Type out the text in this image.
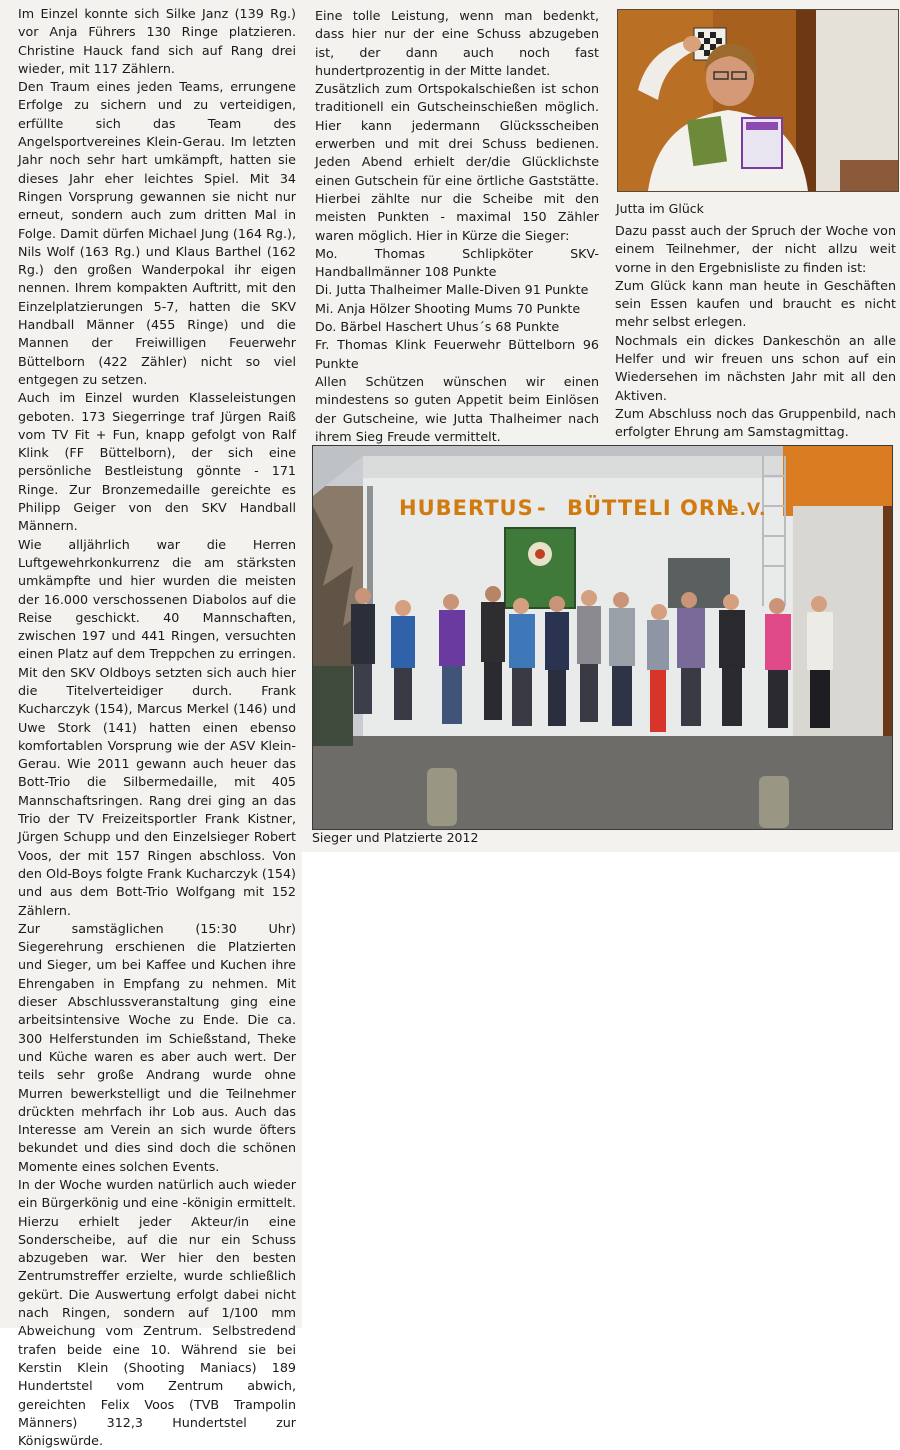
Im Einzel konnte sich Silke Janz (139 Rg.) vor Anja Führers 130 Ringe platzieren. Christine Hauck fand sich auf Rang drei wieder, mit 117 Zählern.

Den Traum eines jeden Teams, errungene Erfolge zu sichern und zu verteidigen, erfüllte sich das Team des Angelsportvereines Klein-Gerau. Im letzten Jahr noch sehr hart umkämpft, hatten sie dieses Jahr eher leichtes Spiel. Mit 34 Ringen Vorsprung gewannen sie nicht nur erneut, sondern auch zum dritten Mal in Folge. Damit dürfen Michael Jung (164 Rg.), Nils Wolf (163 Rg.) und Klaus Barthel (162 Rg.) den großen Wanderpokal ihr eigen nennen. Ihrem kompakten Auftritt, mit den Einzelplatzierungen 5-7, hatten die SKV Handball Männer (455 Ringe) und die Mannen der Freiwilligen Feuerwehr Büttelborn (422 Zähler) nicht so viel entgegen zu setzen.

Auch im Einzel wurden Klasseleistungen geboten. 173 Siegerringe traf Jürgen Raiß vom TV Fit + Fun, knapp gefolgt von Ralf Klink (FF Büttelborn), der sich eine persönliche Bestleistung gönnte - 171 Ringe. Zur Bronzemedaille gereichte es Philipp Geiger von den SKV Handball Männern.

Wie alljährlich war die Herren Luftgewehrkonkurrenz die am stärksten umkämpfte und hier wurden die meisten der 16.000 verschossenen Diabolos auf die Reise geschickt. 40 Mannschaften, zwischen 197 und 441 Ringen, versuchten einen Platz auf dem Treppchen zu erringen. Mit den SKV Oldboys setzten sich auch hier die Titelverteidiger durch. Frank Kucharczyk (154), Marcus Merkel (146) und Uwe Stork (141) hatten einen ebenso komfortablen Vorsprung wie der ASV Klein-Gerau. Wie 2011 gewann auch heuer das Bott-Trio die Silbermedaille, mit 405 Mannschaftsringen. Rang drei ging an das Trio der TV Freizeitsportler Frank Kistner, Jürgen Schupp und den Einzelsieger Robert Voos, der mit 157 Ringen abschloss. Von den Old-Boys folgte Frank Kucharczyk (154) und aus dem Bott-Trio Wolfgang mit 152 Zählern.

Zur samstäglichen (15:30 Uhr) Siegerehrung erschienen die Platzierten und Sieger, um bei Kaffee und Kuchen ihre Ehrengaben in Empfang zu nehmen. Mit dieser Abschlussveranstaltung ging eine arbeitsintensive Woche zu Ende. Die ca. 300 Helferstunden im Schießstand, Theke und Küche waren es aber auch wert. Der teils sehr große Andrang wurde ohne Murren bewerkstelligt und die Teilnehmer drückten mehrfach ihr Lob aus. Auch das Interesse am Verein an sich wurde öfters bekundet und dies sind doch die schönen Momente eines solchen Events.

In der Woche wurden natürlich auch wieder ein Bürgerkönig und eine -königin ermittelt. Hierzu erhielt jeder Akteur/in eine Sonderscheibe, auf die nur ein Schuss abzugeben war. Wer hier den besten Zentrumstreffer erzielte, wurde schließlich gekürt. Die Auswertung erfolgt dabei nicht nach Ringen, sondern auf 1/100 mm Abweichung vom Zentrum. Selbstredend trafen beide eine 10. Während sie bei Kerstin Klein (Shooting Maniacs) 189 Hundertstel vom Zentrum abwich, gereichten Felix Voos (TVB Trampolin Männers) 312,3 Hundertstel zur Königswürde.

Eine tolle Leistung, wenn man bedenkt, dass hier nur der eine Schuss abzugeben ist, der dann auch noch fast hundertprozentig in der Mitte landet.

Zusätzlich zum Ortspokalschießen ist schon traditionell ein Gutscheinschießen möglich. Hier kann jedermann Glücksscheiben erwerben und mit drei Schuss bedienen. Jeden Abend erhielt der/die Glücklichste einen Gutschein für eine örtliche Gaststätte. Hierbei zählte nur die Scheibe mit den meisten Punkten - maximal 150 Zähler waren möglich. Hier in Kürze die Sieger:

Mo. Thomas Schlipköter SKV-Handballmänner 108 Punkte

Di. Jutta Thalheimer Malle-Diven 91 Punkte

Mi. Anja Hölzer Shooting Mums 70 Punkte

Do. Bärbel Haschert Uhus´s 68 Punkte

Fr. Thomas Klink Feuerwehr Büttelborn 96 Punkte

Allen Schützen wünschen wir einen mindestens so guten Appetit beim Einlösen der Gutscheine, wie Jutta Thalheimer nach ihrem Sieg Freude vermittelt.

Jutta im Glück

Dazu passt auch der Spruch der Woche von einem Teilnehmer, der nicht allzu weit vorne in den Ergebnisliste zu finden ist:

Zum Glück kann man heute in Geschäften sein Essen kaufen und braucht es nicht mehr selbst erlegen.

Nochmals ein dickes Dankeschön an alle Helfer und wir freuen uns schon auf ein Wiedersehen im nächsten Jahr mit all den Aktiven.

Zum Abschluss noch das Gruppenbild, nach erfolgter Ehrung am Samstagmittag.

HUBERTUS - BÜTTELI ORN
e.V.
Sieger und Platzierte 2012
